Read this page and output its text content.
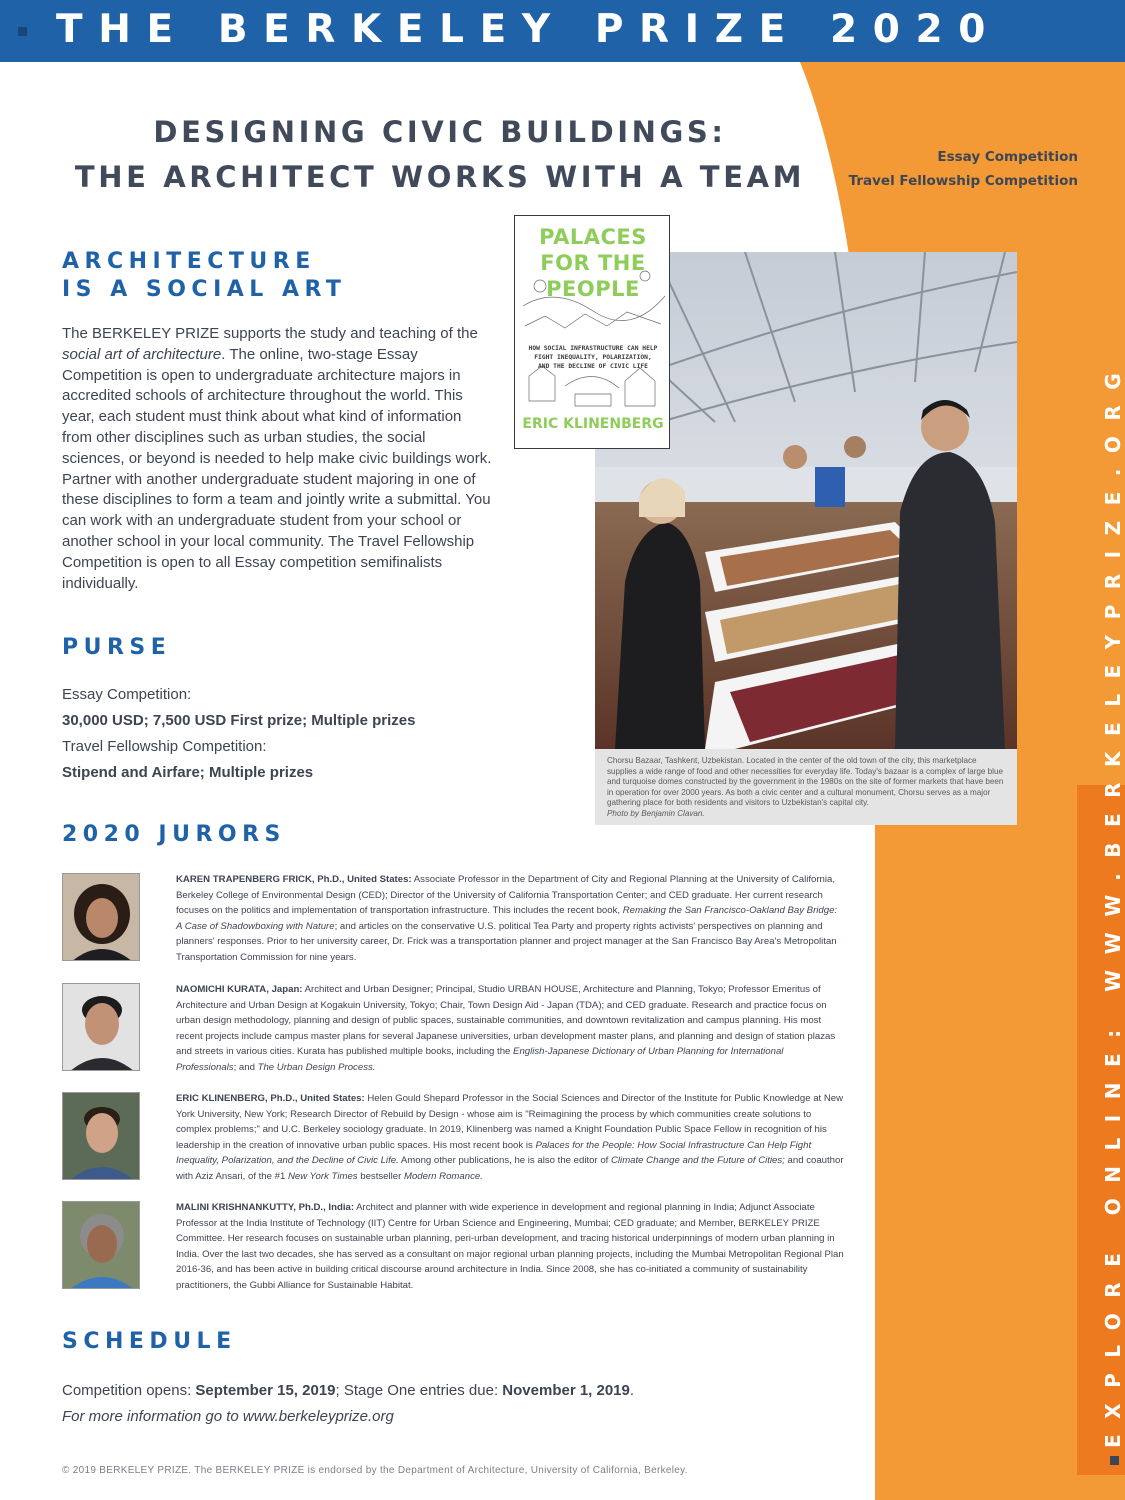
THE BERKELEY PRIZE 2020
DESIGNING CIVIC BUILDINGS:
THE ARCHITECT WORKS WITH A TEAM
Essay Competition
Travel Fellowship Competition
EXPLORE ONLINE: WWW.BERKELEYPRIZE.ORG
ARCHITECTURE
IS A SOCIAL ART
The BERKELEY PRIZE supports the study and teaching of the social art of architecture. The online, two-stage Essay Competition is open to undergraduate architecture majors in accredited schools of architecture throughout the world. This year, each student must think about what kind of information from other disciplines such as urban studies, the social sciences, or beyond is needed to help make civic buildings work. Partner with another undergraduate student majoring in one of these disciplines to form a team and jointly write a submittal. You can work with an undergraduate student from your school or another school in your local community. The Travel Fellowship Competition is open to all Essay competition semifinalists individually.
PURSE
Essay Competition:
30,000 USD; 7,500 USD First prize; Multiple prizes
Travel Fellowship Competition:
Stipend and Airfare; Multiple prizes
Chorsu Bazaar, Tashkent, Uzbekistan. Located in the center of the old town of the city, this marketplace supplies a wide range of food and other necessities for everyday life. Today's bazaar is a complex of large blue and turquoise domes constructed by the government in the 1980s on the site of former markets that have been in operation for over 2000 years. As both a civic center and a cultural monument, Chorsu serves as a major gathering place for both residents and visitors to Uzbekistan's capital city.
Photo by Benjamin Clavan.
PALACES
FOR THE
PEOPLE
HOW SOCIAL INFRASTRUCTURE CAN HELP FIGHT INEQUALITY, POLARIZATION, AND THE DECLINE OF CIVIC LIFE
ERIC KLINENBERG
2020 JURORS
KAREN TRAPENBERG FRICK, Ph.D., United States: Associate Professor in the Department of City and Regional Planning at the University of California, Berkeley College of Environmental Design (CED); Director of the University of California Transportation Center; and CED graduate. Her current research focuses on the politics and implementation of transportation infrastructure. This includes the recent book, Remaking the San Francisco-Oakland Bay Bridge: A Case of Shadowboxing with Nature; and articles on the conservative U.S. political Tea Party and property rights activists' perspectives on planning and planners' responses. Prior to her university career, Dr. Frick was a transportation planner and project manager at the San Francisco Bay Area's Metropolitan Transportation Commission for nine years.
NAOMICHI KURATA, Japan: Architect and Urban Designer; Principal, Studio URBAN HOUSE, Architecture and Planning, Tokyo; Professor Emeritus of Architecture and Urban Design at Kogakuin University, Tokyo; Chair, Town Design Aid - Japan (TDA); and CED graduate. Research and practice focus on urban design methodology, planning and design of public spaces, sustainable communities, and downtown revitalization and campus planning. His most recent projects include campus master plans for several Japanese universities, urban development master plans, and planning and design of station plazas and streets in various cities. Kurata has published multiple books, including the English-Japanese Dictionary of Urban Planning for International Professionals; and The Urban Design Process.
ERIC KLINENBERG, Ph.D., United States: Helen Gould Shepard Professor in the Social Sciences and Director of the Institute for Public Knowledge at New York University, New York; Research Director of Rebuild by Design - whose aim is "Reimagining the process by which communities create solutions to complex problems;" and U.C. Berkeley sociology graduate. In 2019, Klinenberg was named a Knight Foundation Public Space Fellow in recognition of his leadership in the creation of innovative urban public spaces. His most recent book is Palaces for the People: How Social Infrastructure Can Help Fight Inequality, Polarization, and the Decline of Civic Life. Among other publications, he is also the editor of Climate Change and the Future of Cities; and coauthor with Aziz Ansari, of the #1 New York Times bestseller Modern Romance.
MALINI KRISHNANKUTTY, Ph.D., India: Architect and planner with wide experience in development and regional planning in India; Adjunct Associate Professor at the India Institute of Technology (IIT) Centre for Urban Science and Engineering, Mumbai; CED graduate; and Member, BERKELEY PRIZE Committee. Her research focuses on sustainable urban planning, peri-urban development, and tracing historical underpinnings of modern urban planning in India. Over the last two decades, she has served as a consultant on major regional urban planning projects, including the Mumbai Metropolitan Regional Plan 2016-36, and has been active in building critical discourse around architecture in India. Since 2008, she has co-initiated a community of sustainability practitioners, the Gubbi Alliance for Sustainable Habitat.
SCHEDULE
Competition opens: September 15, 2019; Stage One entries due: November 1, 2019.
For more information go to www.berkeleyprize.org
© 2019 BERKELEY PRIZE. The BERKELEY PRIZE is endorsed by the Department of Architecture, University of California, Berkeley.
